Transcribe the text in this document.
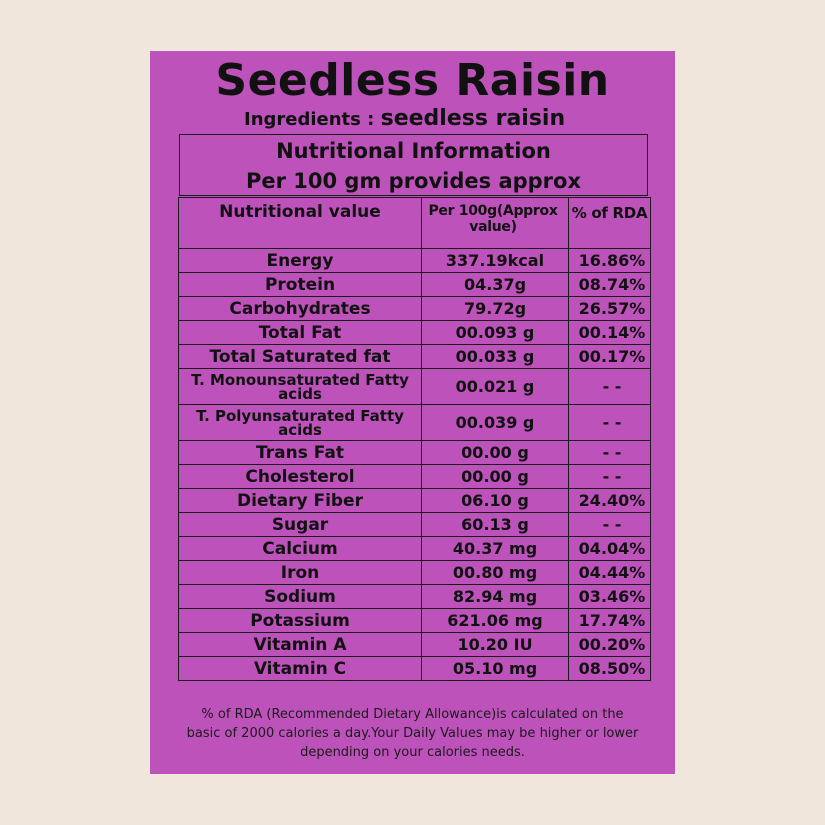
Seedless Raisin
Ingredients : seedless raisin
Nutritional Information
Per 100 gm provides approx
Nutritional value	Per 100g(Approx value)	% of RDA
Energy	337.19kcal	16.86%
Protein	04.37g	08.74%
Carbohydrates	79.72g	26.57%
Total Fat	00.093 g	00.14%
Total Saturated fat	00.033 g	00.17%
T. Monounsaturated Fatty acids	00.021 g	- -
T. Polyunsaturated Fatty acids	00.039 g	- -
Trans Fat	00.00 g	- -
Cholesterol	00.00 g	- -
Dietary Fiber	06.10 g	24.40%
Sugar	60.13 g	- -
Calcium	40.37 mg	04.04%
Iron	00.80 mg	04.44%
Sodium	82.94 mg	03.46%
Potassium	621.06 mg	17.74%
Vitamin A	10.20 IU	00.20%
Vitamin C	05.10 mg	08.50%
% of RDA (Recommended Dietary Allowance)is calculated on the basic of 2000 calories a day.Your Daily Values may be higher or lower depending on your calories needs.
